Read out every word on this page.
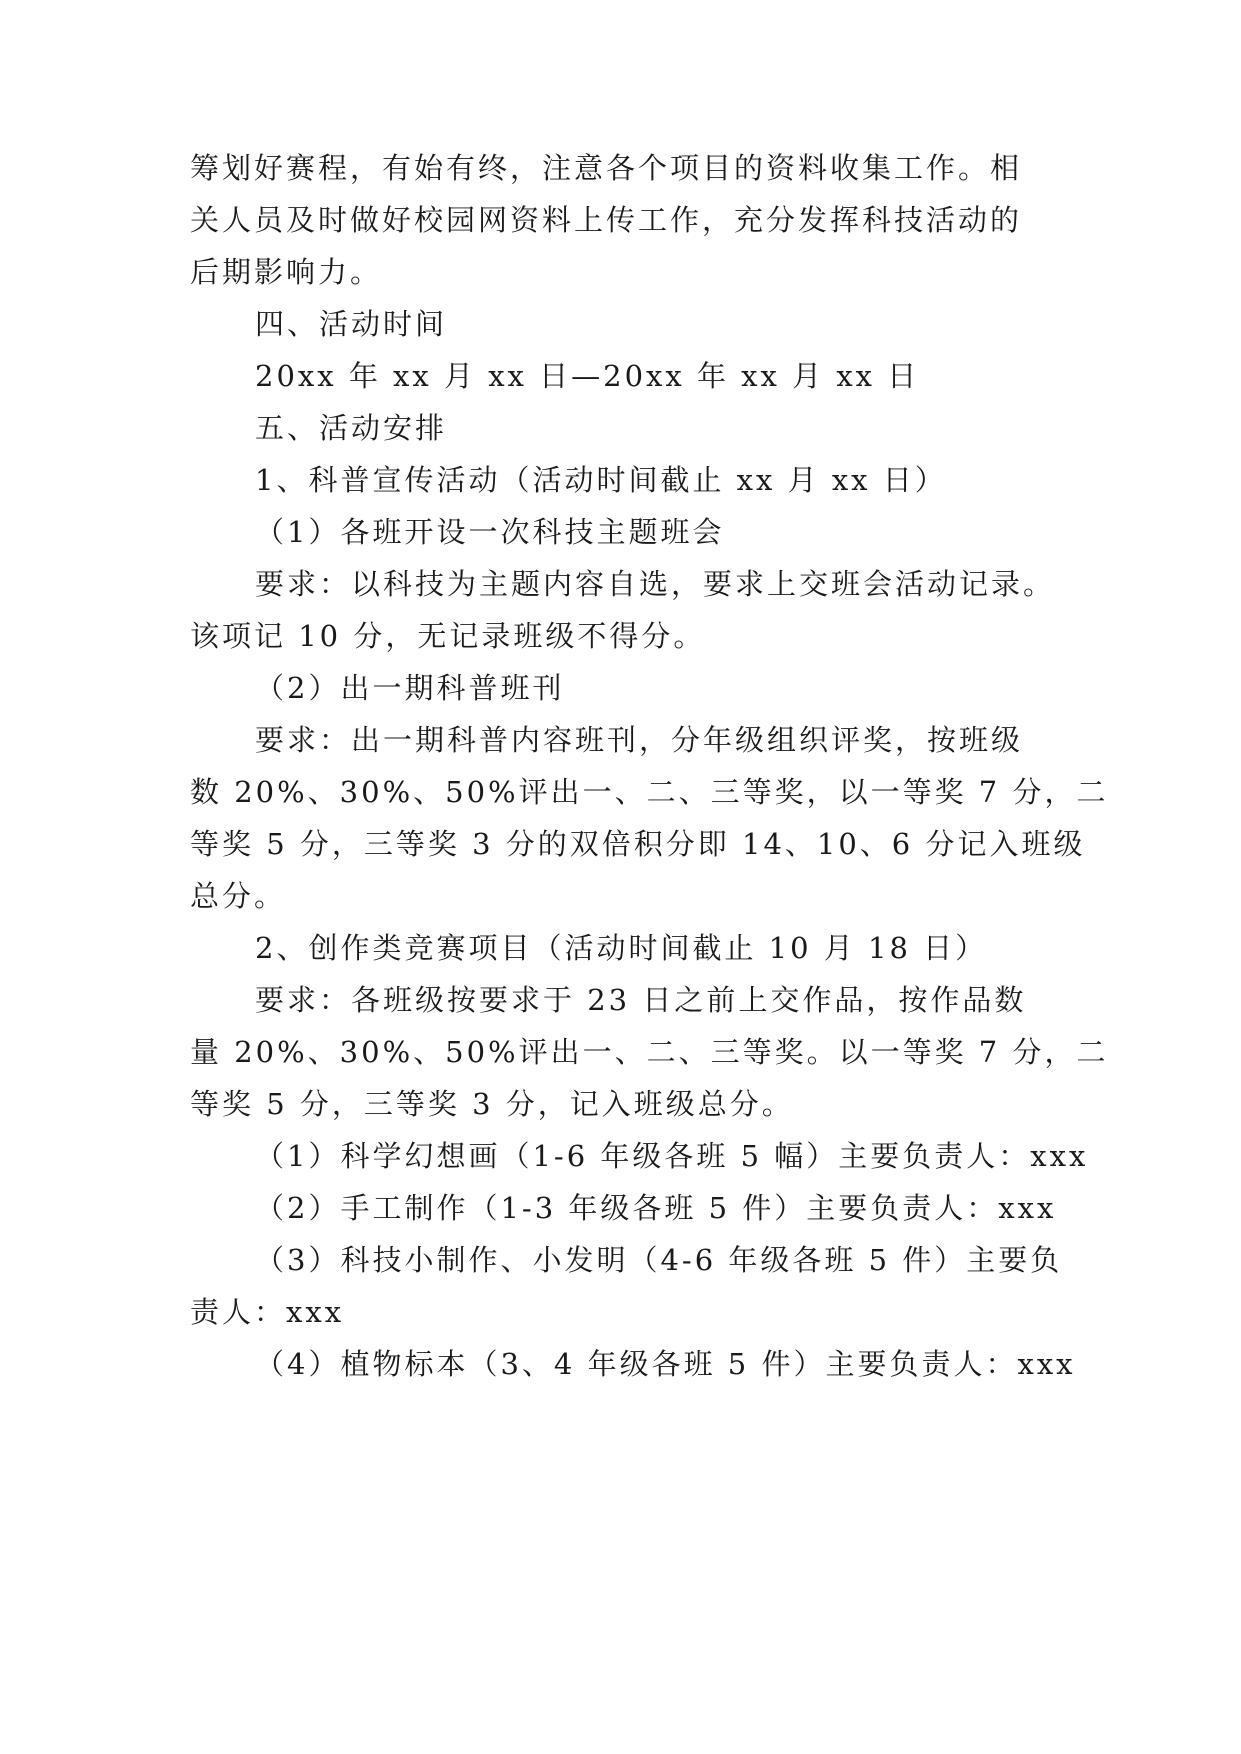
筹划好赛程，有始有终，注意各个项目的资料收集工作。相
关人员及时做好校园网资料上传工作，充分发挥科技活动的
后期影响力。
四、活动时间
20xx 年 xx 月 xx 日—20xx 年 xx 月 xx 日
五、活动安排
1、科普宣传活动（活动时间截止 xx 月 xx 日）
（1）各班开设一次科技主题班会
要求：以科技为主题内容自选，要求上交班会活动记录。
该项记 10 分，无记录班级不得分。
（2）出一期科普班刊
要求：出一期科普内容班刊，分年级组织评奖，按班级
数 20%、30%、50%评出一、二、三等奖，以一等奖 7 分，二
等奖 5 分，三等奖 3 分的双倍积分即 14、10、6 分记入班级
总分。
2、创作类竞赛项目（活动时间截止 10 月 18 日）
要求：各班级按要求于 23 日之前上交作品，按作品数
量 20%、30%、50%评出一、二、三等奖。以一等奖 7 分，二
等奖 5 分，三等奖 3 分，记入班级总分。
（1）科学幻想画（1-6 年级各班 5 幅）主要负责人：xxx
（2）手工制作（1-3 年级各班 5 件）主要负责人：xxx
（3）科技小制作、小发明（4-6 年级各班 5 件）主要负
责人：xxx
（4）植物标本（3、4 年级各班 5 件）主要负责人：xxx
